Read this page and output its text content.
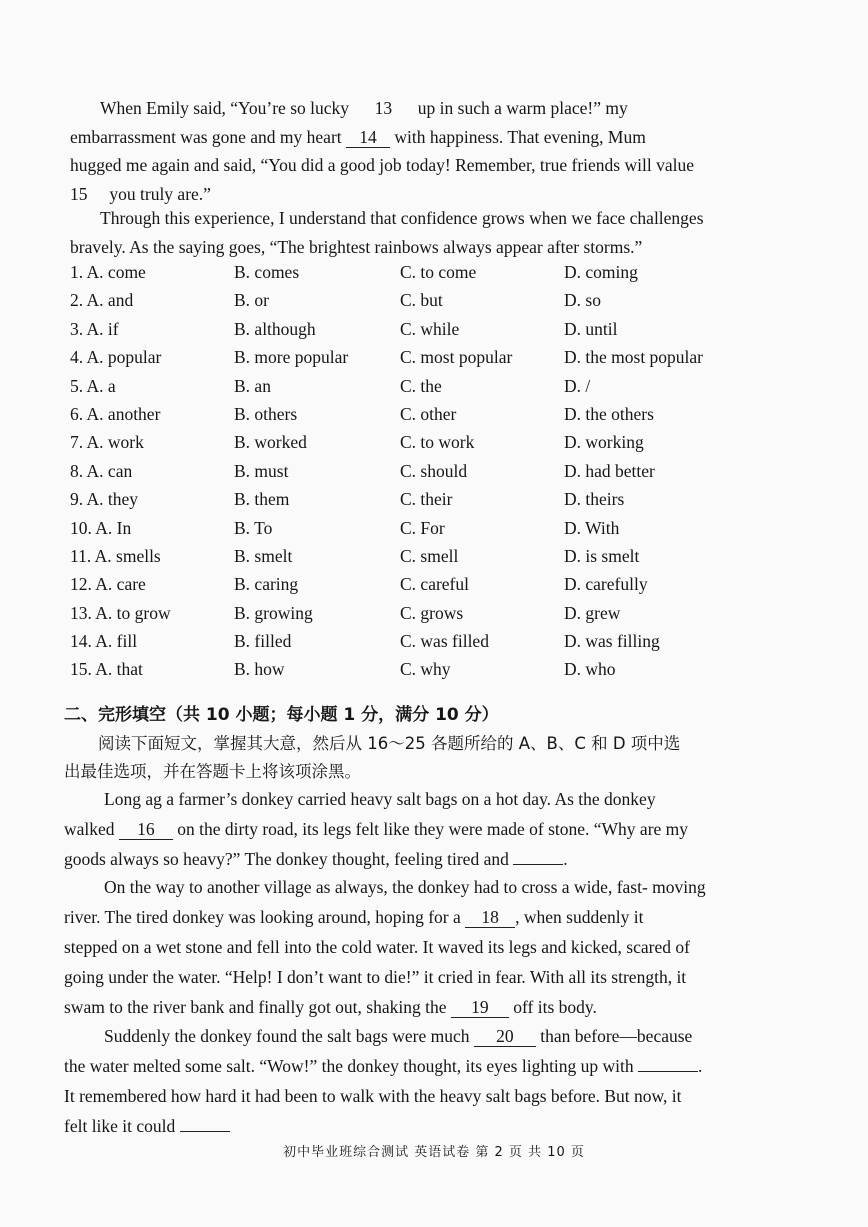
When Emily said, “You’re so lucky 13 up in such a warm place!” my
embarrassment was gone and my heart 14 with happiness. That evening, Mum
hugged me again and said, “You did a good job today! Remember, true friends will value
15 you truly are.”
Through this experience, I understand that confidence grows when we face challenges
bravely. As the saying goes, “The brightest rainbows always appear after storms.”
1. A. come	B. comes	C. to come	D. coming
2. A. and	B. or	C. but	D. so
3. A. if	B. although	C. while	D. until
4. A. popular	B. more popular	C. most popular	D. the most popular
5. A. a	B. an	C. the	D. /
6. A. another	B. others	C. other	D. the others
7. A. work	B. worked	C. to work	D. working
8. A. can	B. must	C. should	D. had better
9. A. they	B. them	C. their	D. theirs
10. A. In	B. To	C. For	D. With
11. A. smells	B. smelt	C. smell	D. is smelt
12. A. care	B. caring	C. careful	D. carefully
13. A. to grow	B. growing	C. grows	D. grew
14. A. fill	B. filled	C. was filled	D. was filling
15. A. that	B. how	C. why	D. who
二、完形填空（共 10 小题；每小题 1 分，满分 10 分）
阅读下面短文，掌握其大意，然后从 16～25 各题所给的 A、B、C 和 D 项中选
出最佳选项，并在答题卡上将该项涂黑。
Long ag a farmer’s donkey carried heavy salt bags on a hot day. As the donkey
walked 16 on the dirty road, its legs felt like they were made of stone. “Why are my
goods always so heavy?” The donkey thought, feeling tired and	.
On the way to another village as always, the donkey had to cross a wide, fast- moving
river. The tired donkey was looking around, hoping for a 18 , when suddenly it
stepped on a wet stone and fell into the cold water. It waved its legs and kicked, scared of
going under the water. “Help! I don’t want to die!” it cried in fear. With all its strength, it
swam to the river bank and finally got out, shaking the 19 off its body.
Suddenly the donkey found the salt bags were much 20 than before—because
the water melted some salt. “Wow!” the donkey thought, its eyes lighting up with	.
It remembered how hard it had been to walk with the heavy salt bags before. But now, it
felt like it could
初中毕业班综合测试 英语试卷 第 2 页 共 10 页
